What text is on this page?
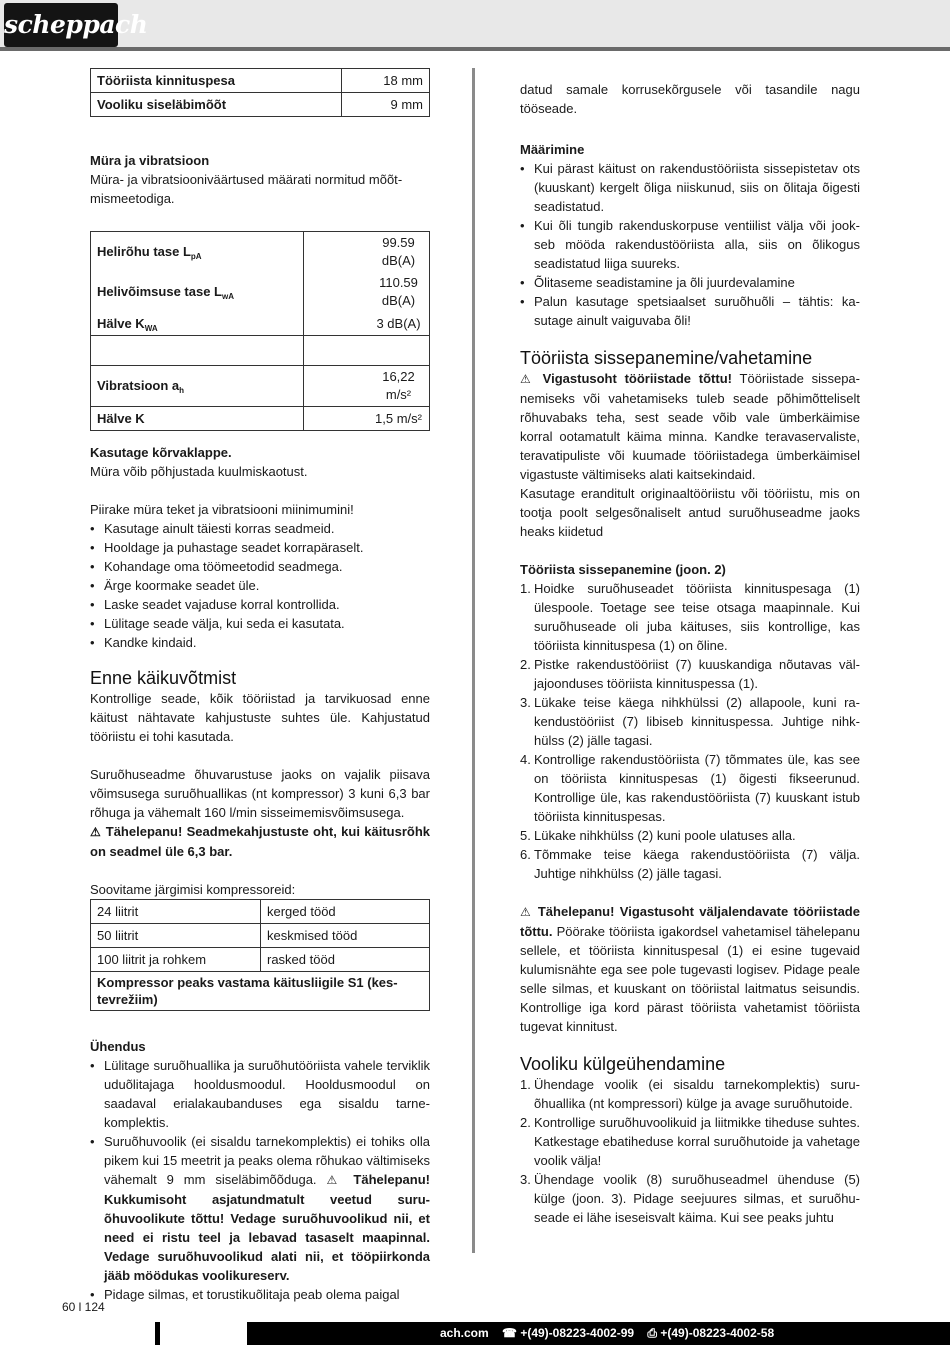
scheppach
Tööriista kinnituspesa	18 mm
Vooliku siseläbimõõt	9 mm

Müra ja vibratsioon

Müra- ja vibratsiooniväärtused määrati normitud mõõtmismeetodiga.

Helirõhu tase $L_{pA}$	99.59 dB(A)
Helivõimsuse tase $L_{wA}$	110.59 dB(A)
Hälve $K_{WA}$	3 dB(A)

Vibratsioon $a_h$	16,22 m/s²
Hälve K	1,5 m/s²

Kasutage kõrvaklappe.

Müra võib põhjustada kuulmiskaotust.

Piirake müra teket ja vibratsiooni miinimumini!

• Kasutage ainult täiesti korras seadmeid.
• Hooldage ja puhastage seadet korrapäraselt.
• Kohandage oma töömeetodid seadmega.
• Ärge koormake seadet üle.
• Laske seadet vajaduse korral kontrollida.
• Lülitage seade välja, kui seda ei kasutata.
• Kandke kindaid.
Enne käikuvõtmist

Kontrollige seade, kõik tööriistad ja tarvikuosad enne käitust nähtavate kahjustuste suhtes üle. Kahjustatud tööriistu ei tohi kasutada.

Suruõhuseadme õhuvarustuse jaoks on vajalik piisava võimsusega suruõhuallikas (nt kompressor) 3 kuni 6,3 bar rõhuga ja vähemalt 160 l/min sisseimemisvõimsusega.

⚠ Tähelepanu! Seadmekahjustuste oht, kui käitusrõhk on seadmel üle 6,3 bar.

Soovitame järgimisi kompressoreid:

24 liitrit	kerged tööd
50 liitrit	keskmised tööd
100 liitrit ja rohkem	rasked tööd
Kompressor peaks vastama käitusliigile S1 (kestevrežiim)	

Ühendus

• Lülitage suruõhuallika ja suruõhutööriista vahele terviklik uduõlitajaga hooldusmoodul. Hooldusmoodul on saadaval erialakaubanduses ega sisaldu tarnekomplektis.
• Suruõhuvoolik (ei sisaldu tarnekomplektis) ei tohiks olla pikem kui 15 meetrit ja peaks olema rõhukao vältimiseks vähemalt 9 mm siseläbimõõduga. ⚠ Tähelepanu! Kukkumisoht asjatundmatult veetud suruõhuvoolikute tõttu! Vedage suruõhuvoolikud nii, et need ei ristu teel ja lebavad tasaselt maapinnal. Vedage suruõhuvoolikud alati nii, et tööpiirkonda jääb möödukas voolikureserv.
• Pidage silmas, et torustikuõlitaja peab olema paigal

datud samale korrusekõrgusele või tasandile nagu tööseade.

Määrimine

• Kui pärast käitust on rakendustööriista sissepistetav ots (kuuskant) kergelt õliga niiskunud, siis on õlitaja õigesti seadistatud.
• Kui õli tungib rakenduskorpuse ventiilist välja või jookseb mööda rakendustööriista alla, siis on õlikogus seadistatud liiga suureks.
• Õlitaseme seadistamine ja õli juurdevalamine
• Palun kasutage spetsiaalset suruõhuõli – tähtis: kasutage ainult vaiguvaba õli!
Tööriista sissepanemine/vahetamine

⚠ Vigastusoht tööriistade tõttu! Tööriistade sissepanemiseks või vahetamiseks tuleb seade põhimõtteliselt rõhuvabaks teha, sest seade võib vale ümberkäimise korral ootamatult käima minna. Kandke teravaservaliste, teravatipuliste või kuumade tööriistadega ümberkäimisel vigastuste vältimiseks alati kaitsekindaid.

Kasutage eranditult originaaltööriistu või tööriistu, mis on tootja poolt selgesõnaliselt antud suruõhuseadme jaoks heaks kiidetud

Tööriista sissepanemine (joon. 2)

1. Hoidke suruõhuseadet tööriista kinnituspesaga (1) ülespoole. Toetage see teise otsaga maapinnale. Kui suruõhuseade oli juba käituses, siis kontrollige, kas tööriista kinnituspesa (1) on õline.
2. Pistke rakendustööriist (7) kuuskandiga nõutavas väljajoonduses tööriista kinnituspessa (1).
3. Lükake teise käega nihkhülssi (2) allapoole, kuni rakendustööriist (7) libiseb kinnituspessa. Juhtige nihkhülss (2) jälle tagasi.
4. Kontrollige rakendustööriista (7) tõmmates üle, kas see on tööriista kinnituspesas (1) õigesti fikseerunud. Kontrollige üle, kas rakendustööriista (7) kuuskant istub tööriista kinnituspesas.
5. Lükake nihkhülss (2) kuni poole ulatuses alla.
6. Tõmmake teise käega rakendustööriista (7) välja. Juhtige nihkhülss (2) jälle tagasi.

⚠ Tähelepanu! Vigastusoht väljalendavate tööriistade tõttu. Pöörake tööriista igakordsel vahetamisel tähelepanu sellele, et tööriista kinnituspesal (1) ei esine tugevaid kulumisnähte ega see pole tugevasti logisev. Pidage peale selle silmas, et kuuskant on tööriistal laitmatus seisundis. Kontrollige iga kord pärast tööriista vahetamist tööriista tugevat kinnitust.

Vooliku külgeühendamine
1. Ühendage voolik (ei sisaldu tarnekomplektis) suruõhuallika (nt kompressori) külge ja avage suruõhutoide.
2. Kontrollige suruõhuvoolikuid ja liitmikke tiheduse suhtes. Katkestage ebatiheduse korral suruõhutoide ja vahetage voolik välja!
3. Ühendage voolik (8) suruõhuseadmel ühenduse (5) külge (joon. 3). Pidage seejuures silmas, et suruõhuseade ei lähe iseseisvalt käima. Kui see peaks juhtu
60 l 124
ach.com ☎ +(49)-08223-4002-99 ⎙ +(49)-08223-4002-58
